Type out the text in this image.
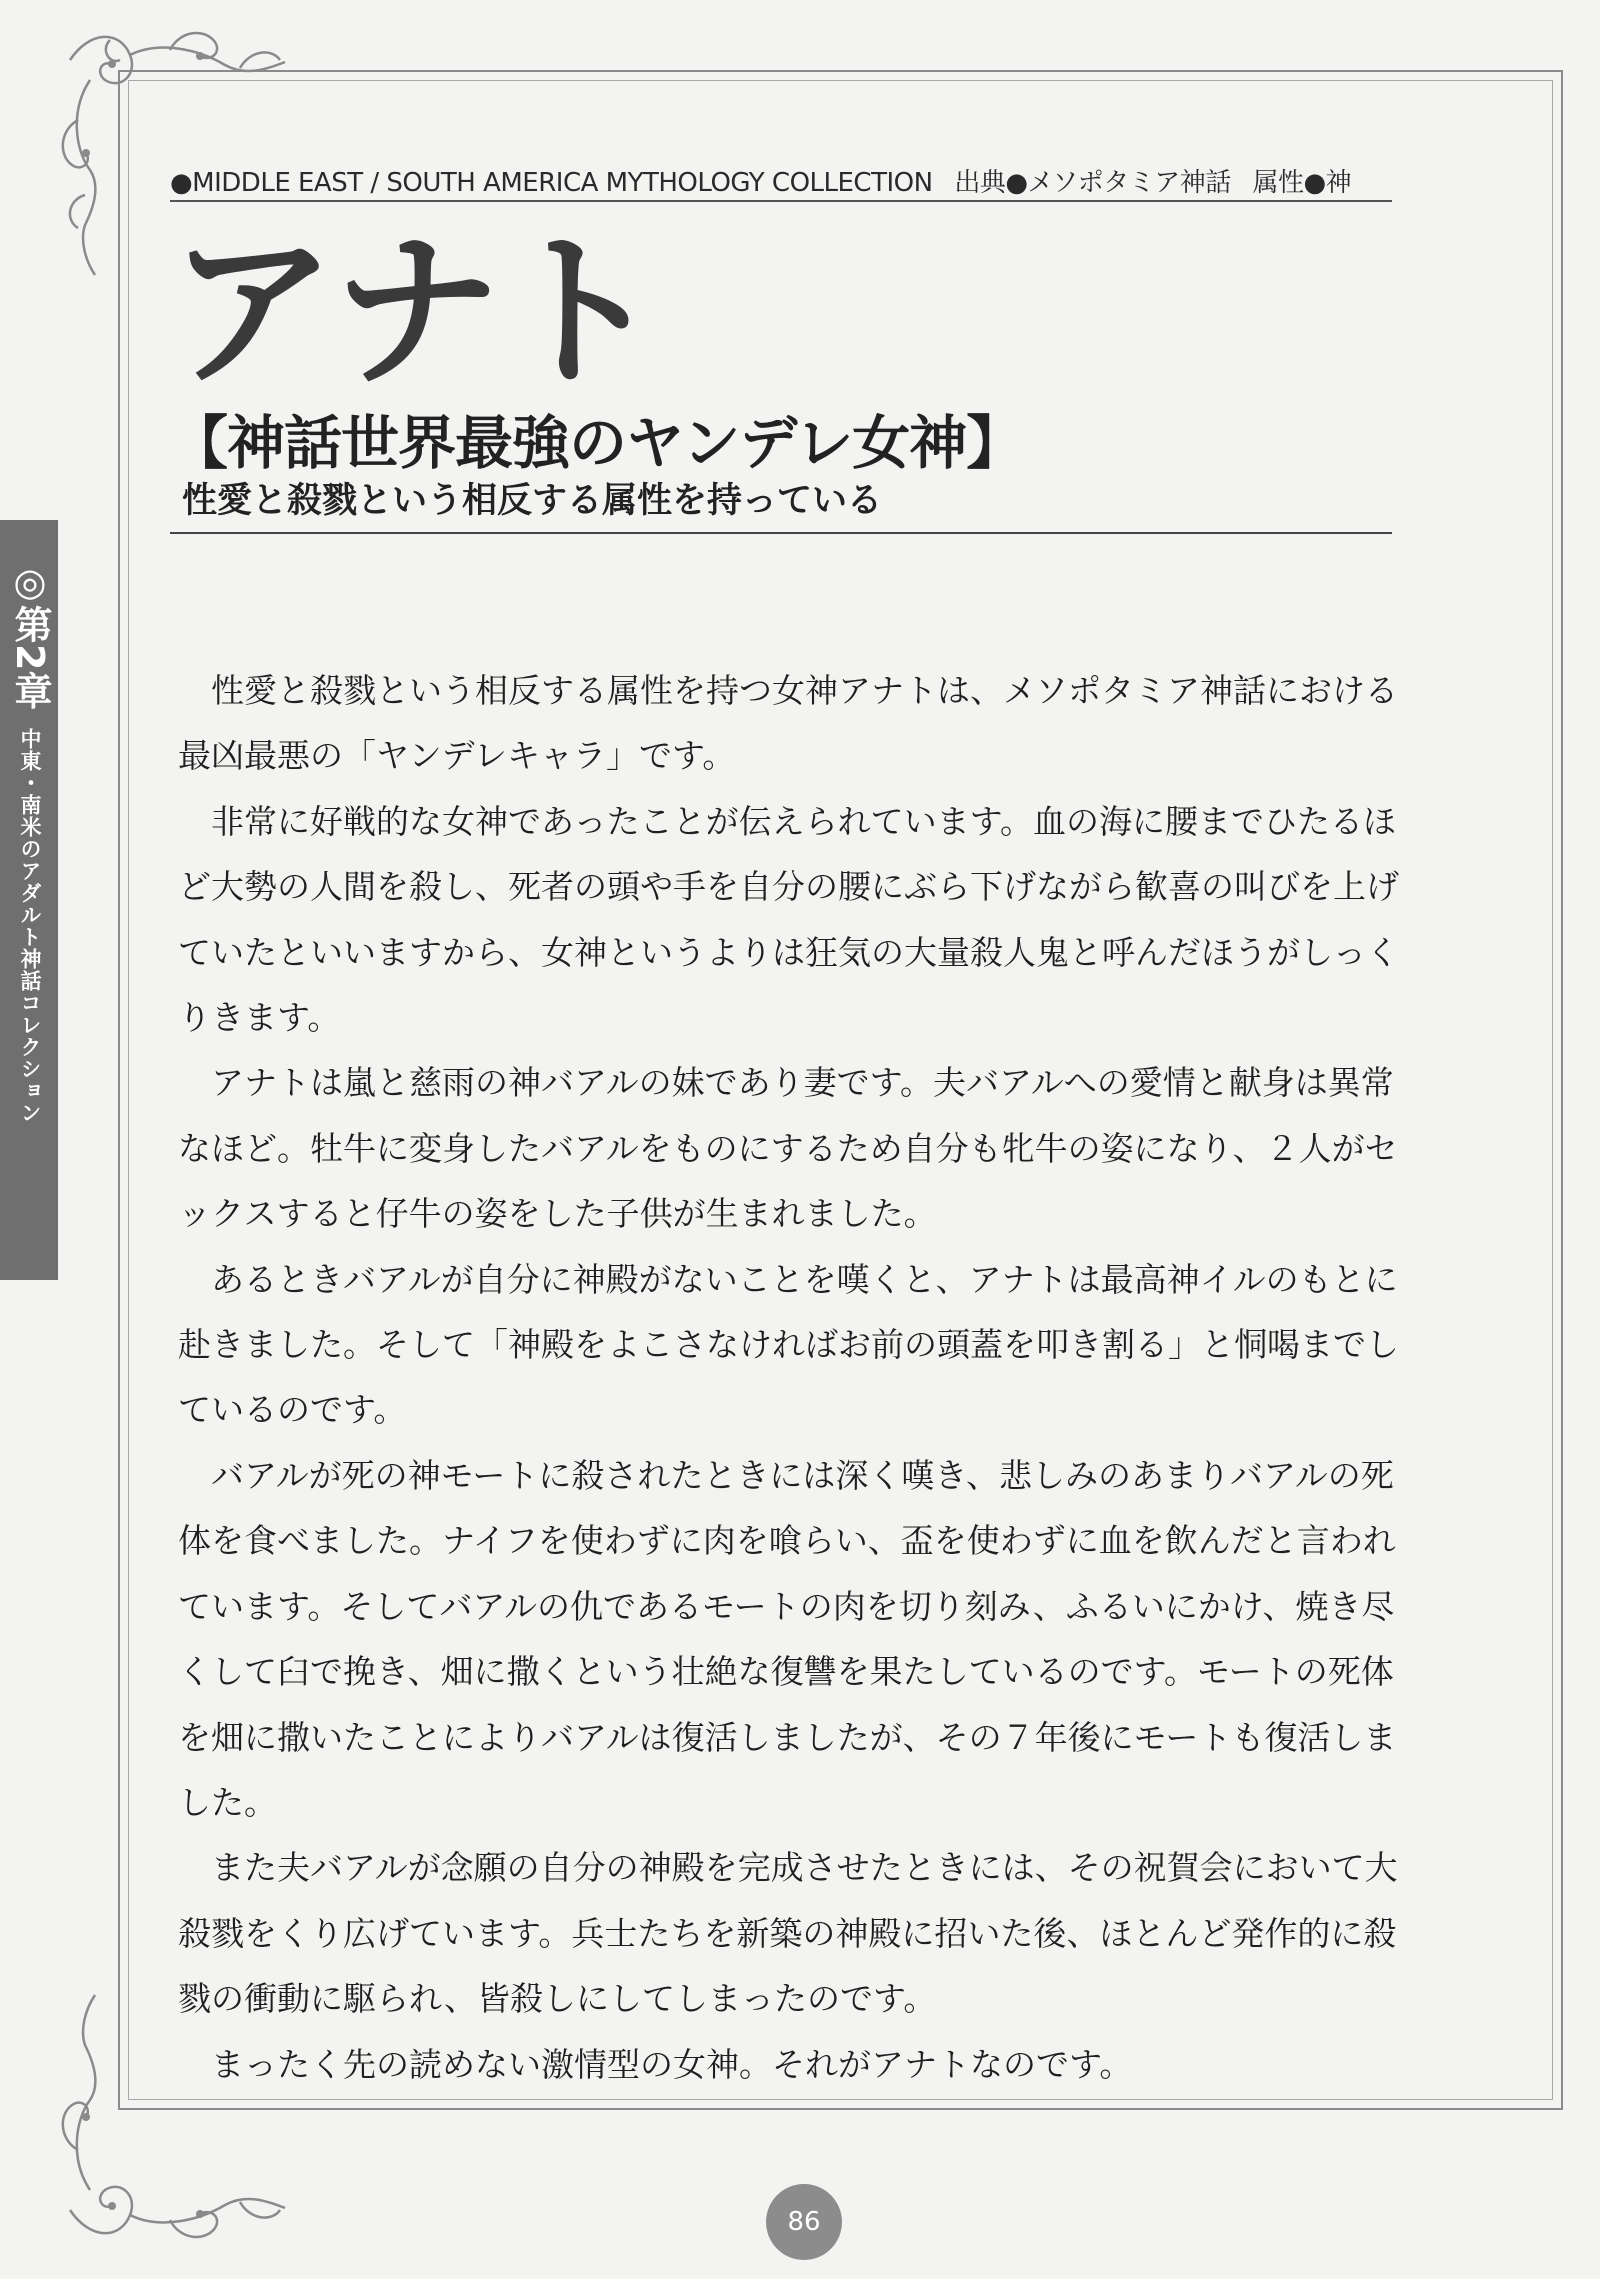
◎第2章
中東・南米のアダルト神話コレクション
●MIDDLE EAST / SOUTH AMERICA MYTHOLOGY COLLECTION 出典●メソポタミア神話 属性●神
アナト
【神話世界最強のヤンデレ女神】
性愛と殺戮という相反する属性を持っている

性愛と殺戮という相反する属性を持つ女神アナトは、メソポタミア神話における最凶最悪の「ヤンデレキャラ」です。

非常に好戦的な女神であったことが伝えられています。血の海に腰までひたるほど大勢の人間を殺し、死者の頭や手を自分の腰にぶら下げながら歓喜の叫びを上げていたといいますから、女神というよりは狂気の大量殺人鬼と呼んだほうがしっくりきます。

アナトは嵐と慈雨の神バアルの妹であり妻です。夫バアルへの愛情と献身は異常なほど。牡牛に変身したバアルをものにするため自分も牝牛の姿になり、２人がセックスすると仔牛の姿をした子供が生まれました。

あるときバアルが自分に神殿がないことを嘆くと、アナトは最高神イルのもとに赴きました。そして「神殿をよこさなければお前の頭蓋を叩き割る」と恫喝までしているのです。

バアルが死の神モートに殺されたときには深く嘆き、悲しみのあまりバアルの死体を食べました。ナイフを使わずに肉を喰らい、盃を使わずに血を飲んだと言われています。そしてバアルの仇であるモートの肉を切り刻み、ふるいにかけ、焼き尽くして臼で挽き、畑に撒くという壮絶な復讐を果たしているのです。モートの死体を畑に撒いたことによりバアルは復活しましたが、その７年後にモートも復活しました。

また夫バアルが念願の自分の神殿を完成させたときには、その祝賀会において大殺戮をくり広げています。兵士たちを新築の神殿に招いた後、ほとんど発作的に殺戮の衝動に駆られ、皆殺しにしてしまったのです。

まったく先の読めない激情型の女神。それがアナトなのです。

86
